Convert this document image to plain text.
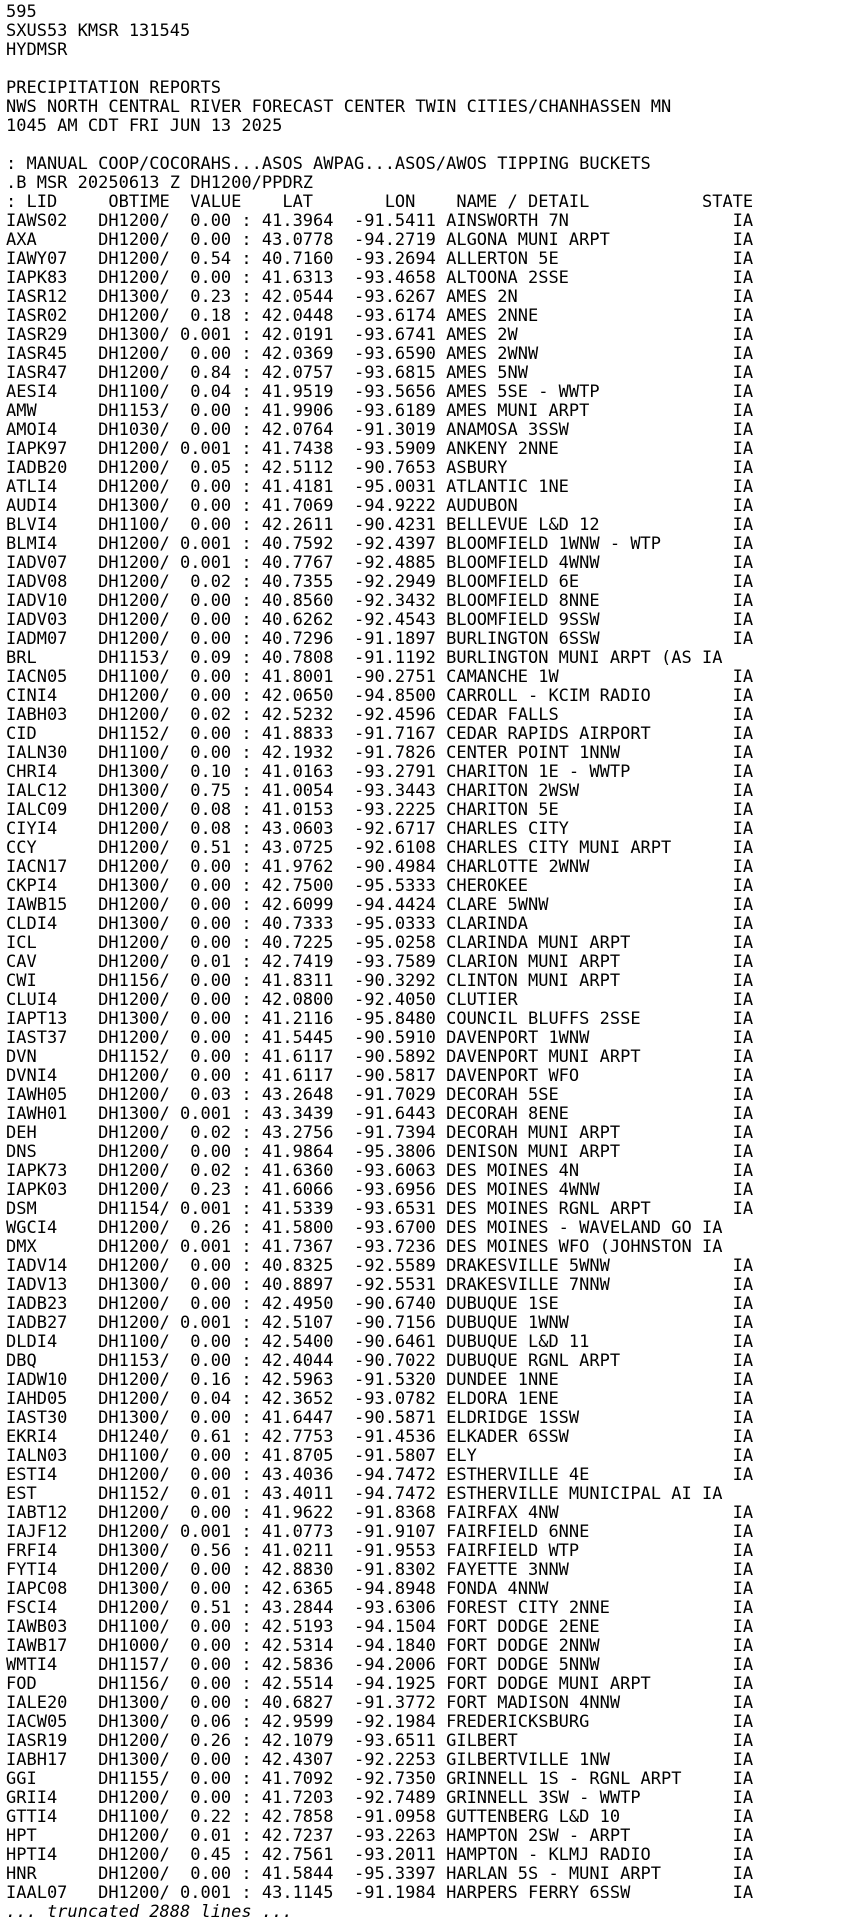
595
SXUS53 KMSR 131545
HYDMSR

PRECIPITATION REPORTS
NWS NORTH CENTRAL RIVER FORECAST CENTER TWIN CITIES/CHANHASSEN MN
1045 AM CDT FRI JUN 13 2025

: MANUAL COOP/COCORAHS...ASOS AWPAG...ASOS/AWOS TIPPING BUCKETS
.B MSR 20250613 Z DH1200/PPDRZ
: LID     OBTIME  VALUE    LAT       LON    NAME / DETAIL           STATE
IAWS02   DH1200/  0.00 : 41.3964  -91.5411 AINSWORTH 7N                IA
AXA      DH1200/  0.00 : 43.0778  -94.2719 ALGONA MUNI ARPT            IA
IAWY07   DH1200/  0.54 : 40.7160  -93.2694 ALLERTON 5E                 IA
IAPK83   DH1200/  0.00 : 41.6313  -93.4658 ALTOONA 2SSE                IA
IASR12   DH1300/  0.23 : 42.0544  -93.6267 AMES 2N                     IA
IASR02   DH1200/  0.18 : 42.0448  -93.6174 AMES 2NNE                   IA
IASR29   DH1300/ 0.001 : 42.0191  -93.6741 AMES 2W                     IA
IASR45   DH1200/  0.00 : 42.0369  -93.6590 AMES 2WNW                   IA
IASR47   DH1200/  0.84 : 42.0757  -93.6815 AMES 5NW                    IA
AESI4    DH1100/  0.04 : 41.9519  -93.5656 AMES 5SE - WWTP             IA
AMW      DH1153/  0.00 : 41.9906  -93.6189 AMES MUNI ARPT              IA
AMOI4    DH1030/  0.00 : 42.0764  -91.3019 ANAMOSA 3SSW                IA
IAPK97   DH1200/ 0.001 : 41.7438  -93.5909 ANKENY 2NNE                 IA
IADB20   DH1200/  0.05 : 42.5112  -90.7653 ASBURY                      IA
ATLI4    DH1200/  0.00 : 41.4181  -95.0031 ATLANTIC 1NE                IA
AUDI4    DH1300/  0.00 : 41.7069  -94.9222 AUDUBON                     IA
BLVI4    DH1100/  0.00 : 42.2611  -90.4231 BELLEVUE L&D 12             IA
BLMI4    DH1200/ 0.001 : 40.7592  -92.4397 BLOOMFIELD 1WNW - WTP       IA
IADV07   DH1200/ 0.001 : 40.7767  -92.4885 BLOOMFIELD 4WNW             IA
IADV08   DH1200/  0.02 : 40.7355  -92.2949 BLOOMFIELD 6E               IA
IADV10   DH1200/  0.00 : 40.8560  -92.3432 BLOOMFIELD 8NNE             IA
IADV03   DH1200/  0.00 : 40.6262  -92.4543 BLOOMFIELD 9SSW             IA
IADM07   DH1200/  0.00 : 40.7296  -91.1897 BURLINGTON 6SSW             IA
BRL      DH1153/  0.09 : 40.7808  -91.1192 BURLINGTON MUNI ARPT (AS IA
IACN05   DH1100/  0.00 : 41.8001  -90.2751 CAMANCHE 1W                 IA
CINI4    DH1200/  0.00 : 42.0650  -94.8500 CARROLL - KCIM RADIO        IA
IABH03   DH1200/  0.02 : 42.5232  -92.4596 CEDAR FALLS                 IA
CID      DH1152/  0.00 : 41.8833  -91.7167 CEDAR RAPIDS AIRPORT        IA
IALN30   DH1100/  0.00 : 42.1932  -91.7826 CENTER POINT 1NNW           IA
CHRI4    DH1300/  0.10 : 41.0163  -93.2791 CHARITON 1E - WWTP          IA
IALC12   DH1300/  0.75 : 41.0054  -93.3443 CHARITON 2WSW               IA
IALC09   DH1200/  0.08 : 41.0153  -93.2225 CHARITON 5E                 IA
CIYI4    DH1200/  0.08 : 43.0603  -92.6717 CHARLES CITY                IA
CCY      DH1200/  0.51 : 43.0725  -92.6108 CHARLES CITY MUNI ARPT      IA
IACN17   DH1200/  0.00 : 41.9762  -90.4984 CHARLOTTE 2WNW              IA
CKPI4    DH1300/  0.00 : 42.7500  -95.5333 CHEROKEE                    IA
IAWB15   DH1200/  0.00 : 42.6099  -94.4424 CLARE 5WNW                  IA
CLDI4    DH1300/  0.00 : 40.7333  -95.0333 CLARINDA                    IA
ICL      DH1200/  0.00 : 40.7225  -95.0258 CLARINDA MUNI ARPT          IA
CAV      DH1200/  0.01 : 42.7419  -93.7589 CLARION MUNI ARPT           IA
CWI      DH1156/  0.00 : 41.8311  -90.3292 CLINTON MUNI ARPT           IA
CLUI4    DH1200/  0.00 : 42.0800  -92.4050 CLUTIER                     IA
IAPT13   DH1300/  0.00 : 41.2116  -95.8480 COUNCIL BLUFFS 2SSE         IA
IAST37   DH1200/  0.00 : 41.5445  -90.5910 DAVENPORT 1WNW              IA
DVN      DH1152/  0.00 : 41.6117  -90.5892 DAVENPORT MUNI ARPT         IA
DVNI4    DH1200/  0.00 : 41.6117  -90.5817 DAVENPORT WFO               IA
IAWH05   DH1200/  0.03 : 43.2648  -91.7029 DECORAH 5SE                 IA
IAWH01   DH1300/ 0.001 : 43.3439  -91.6443 DECORAH 8ENE                IA
DEH      DH1200/  0.02 : 43.2756  -91.7394 DECORAH MUNI ARPT           IA
DNS      DH1200/  0.00 : 41.9864  -95.3806 DENISON MUNI ARPT           IA
IAPK73   DH1200/  0.02 : 41.6360  -93.6063 DES MOINES 4N               IA
IAPK03   DH1200/  0.23 : 41.6066  -93.6956 DES MOINES 4WNW             IA
DSM      DH1154/ 0.001 : 41.5339  -93.6531 DES MOINES RGNL ARPT        IA
WGCI4    DH1200/  0.26 : 41.5800  -93.6700 DES MOINES - WAVELAND GO IA
DMX      DH1200/ 0.001 : 41.7367  -93.7236 DES MOINES WFO (JOHNSTON IA
IADV14   DH1200/  0.00 : 40.8325  -92.5589 DRAKESVILLE 5WNW            IA
IADV13   DH1300/  0.00 : 40.8897  -92.5531 DRAKESVILLE 7NNW            IA
IADB23   DH1200/  0.00 : 42.4950  -90.6740 DUBUQUE 1SE                 IA
IADB27   DH1200/ 0.001 : 42.5107  -90.7156 DUBUQUE 1WNW                IA
DLDI4    DH1100/  0.00 : 42.5400  -90.6461 DUBUQUE L&D 11              IA
DBQ      DH1153/  0.00 : 42.4044  -90.7022 DUBUQUE RGNL ARPT           IA
IADW10   DH1200/  0.16 : 42.5963  -91.5320 DUNDEE 1NNE                 IA
IAHD05   DH1200/  0.04 : 42.3652  -93.0782 ELDORA 1ENE                 IA
IAST30   DH1300/  0.00 : 41.6447  -90.5871 ELDRIDGE 1SSW               IA
EKRI4    DH1240/  0.61 : 42.7753  -91.4536 ELKADER 6SSW                IA
IALN03   DH1100/  0.00 : 41.8705  -91.5807 ELY                         IA
ESTI4    DH1200/  0.00 : 43.4036  -94.7472 ESTHERVILLE 4E              IA
EST      DH1152/  0.01 : 43.4011  -94.7472 ESTHERVILLE MUNICIPAL AI IA
IABT12   DH1200/  0.00 : 41.9622  -91.8368 FAIRFAX 4NW                 IA
IAJF12   DH1200/ 0.001 : 41.0773  -91.9107 FAIRFIELD 6NNE              IA
FRFI4    DH1300/  0.56 : 41.0211  -91.9553 FAIRFIELD WTP               IA
FYTI4    DH1200/  0.00 : 42.8830  -91.8302 FAYETTE 3NNW                IA
IAPC08   DH1300/  0.00 : 42.6365  -94.8948 FONDA 4NNW                  IA
FSCI4    DH1200/  0.51 : 43.2844  -93.6306 FOREST CITY 2NNE            IA
IAWB03   DH1100/  0.00 : 42.5193  -94.1504 FORT DODGE 2ENE             IA
IAWB17   DH1000/  0.00 : 42.5314  -94.1840 FORT DODGE 2NNW             IA
WMTI4    DH1157/  0.00 : 42.5836  -94.2006 FORT DODGE 5NNW             IA
FOD      DH1156/  0.00 : 42.5514  -94.1925 FORT DODGE MUNI ARPT        IA
IALE20   DH1300/  0.00 : 40.6827  -91.3772 FORT MADISON 4NNW           IA
IACW05   DH1300/  0.06 : 42.9599  -92.1984 FREDERICKSBURG              IA
IASR19   DH1200/  0.26 : 42.1079  -93.6511 GILBERT                     IA
IABH17   DH1300/  0.00 : 42.4307  -92.2253 GILBERTVILLE 1NW            IA
GGI      DH1155/  0.00 : 41.7092  -92.7350 GRINNELL 1S - RGNL ARPT     IA
GRII4    DH1200/  0.00 : 41.7203  -92.7489 GRINNELL 3SW - WWTP         IA
GTTI4    DH1100/  0.22 : 42.7858  -91.0958 GUTTENBERG L&D 10           IA
HPT      DH1200/  0.01 : 42.7237  -93.2263 HAMPTON 2SW - ARPT          IA
HPTI4    DH1200/  0.45 : 42.7561  -93.2011 HAMPTON - KLMJ RADIO        IA
HNR      DH1200/  0.00 : 41.5844  -95.3397 HARLAN 5S - MUNI ARPT       IA
IAAL07   DH1200/ 0.001 : 43.1145  -91.1984 HARPERS FERRY 6SSW          IA
... truncated 2888 lines ...
